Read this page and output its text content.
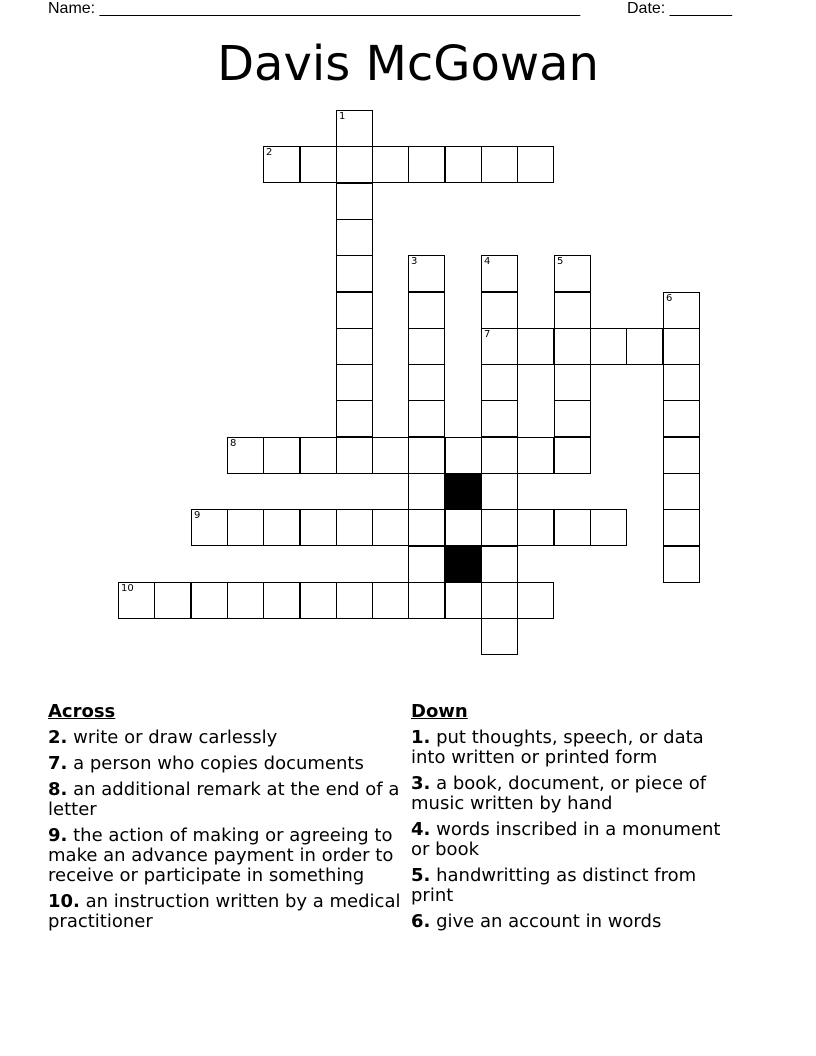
Name: ______________________________________________________	Date: _______
Davis McGowan
1
2
3	4
7
5
6
8
9
10
Across
2. write or draw carlessly
7. a person who copies documents
8. an additional remark at the end of a letter
9. the action of making or agreeing to make an advance payment in order to receive or participate in something
10. an instruction written by a medical practitioner
Down
1. put thoughts, speech, or data into written or printed form
3. a book, document, or piece of music written by hand
4. words inscribed in a monument or book
5. handwritting as distinct from print
6. give an account in words
